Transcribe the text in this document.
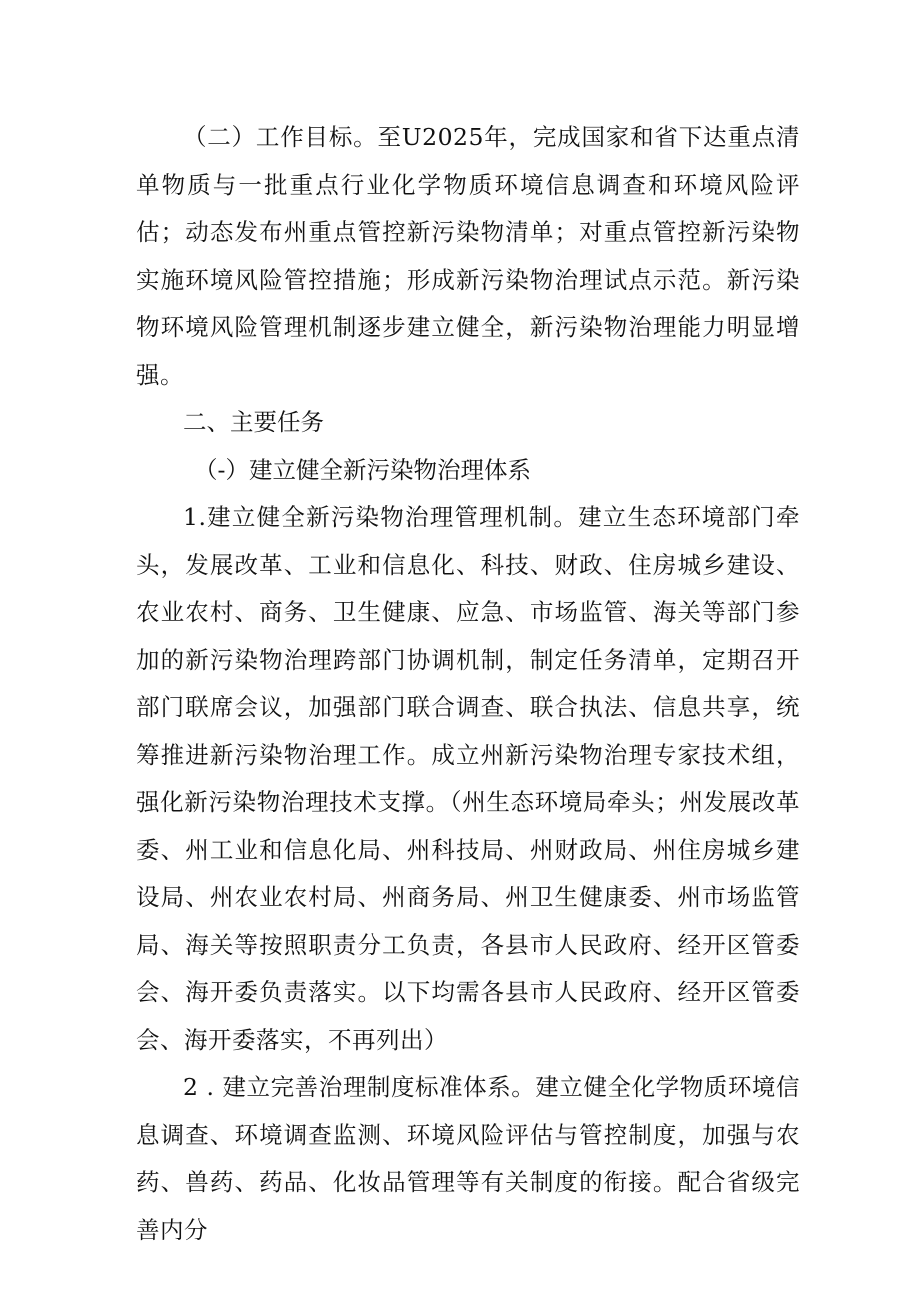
（二）工作目标。至U2025年，完成国家和省下达重点清单物质与一批重点行业化学物质环境信息调查和环境风险评估；动态发布州重点管控新污染物清单；对重点管控新污染物实施环境风险管控措施；形成新污染物治理试点示范。新污染物环境风险管理机制逐步建立健全，新污染物治理能力明显增强。

二、主要任务

（-）建立健全新污染物治理体系

1.建立健全新污染物治理管理机制。建立生态环境部门牵头，发展改革、工业和信息化、科技、财政、住房城乡建设、农业农村、商务、卫生健康、应急、市场监管、海关等部门参加的新污染物治理跨部门协调机制，制定任务清单，定期召开部门联席会议，加强部门联合调查、联合执法、信息共享，统筹推进新污染物治理工作。成立州新污染物治理专家技术组，强化新污染物治理技术支撑。（州生态环境局牵头；州发展改革委、州工业和信息化局、州科技局、州财政局、州住房城乡建设局、州农业农村局、州商务局、州卫生健康委、州市场监管局、海关等按照职责分工负责，各县市人民政府、经开区管委会、海开委负责落实。以下均需各县市人民政府、经开区管委会、海开委落实，不再列出）

2 . 建立完善治理制度标准体系。建立健全化学物质环境信息调查、环境调查监测、环境风险评估与管控制度，加强与农药、兽药、药品、化妆品管理等有关制度的衔接。配合省级完善内分
